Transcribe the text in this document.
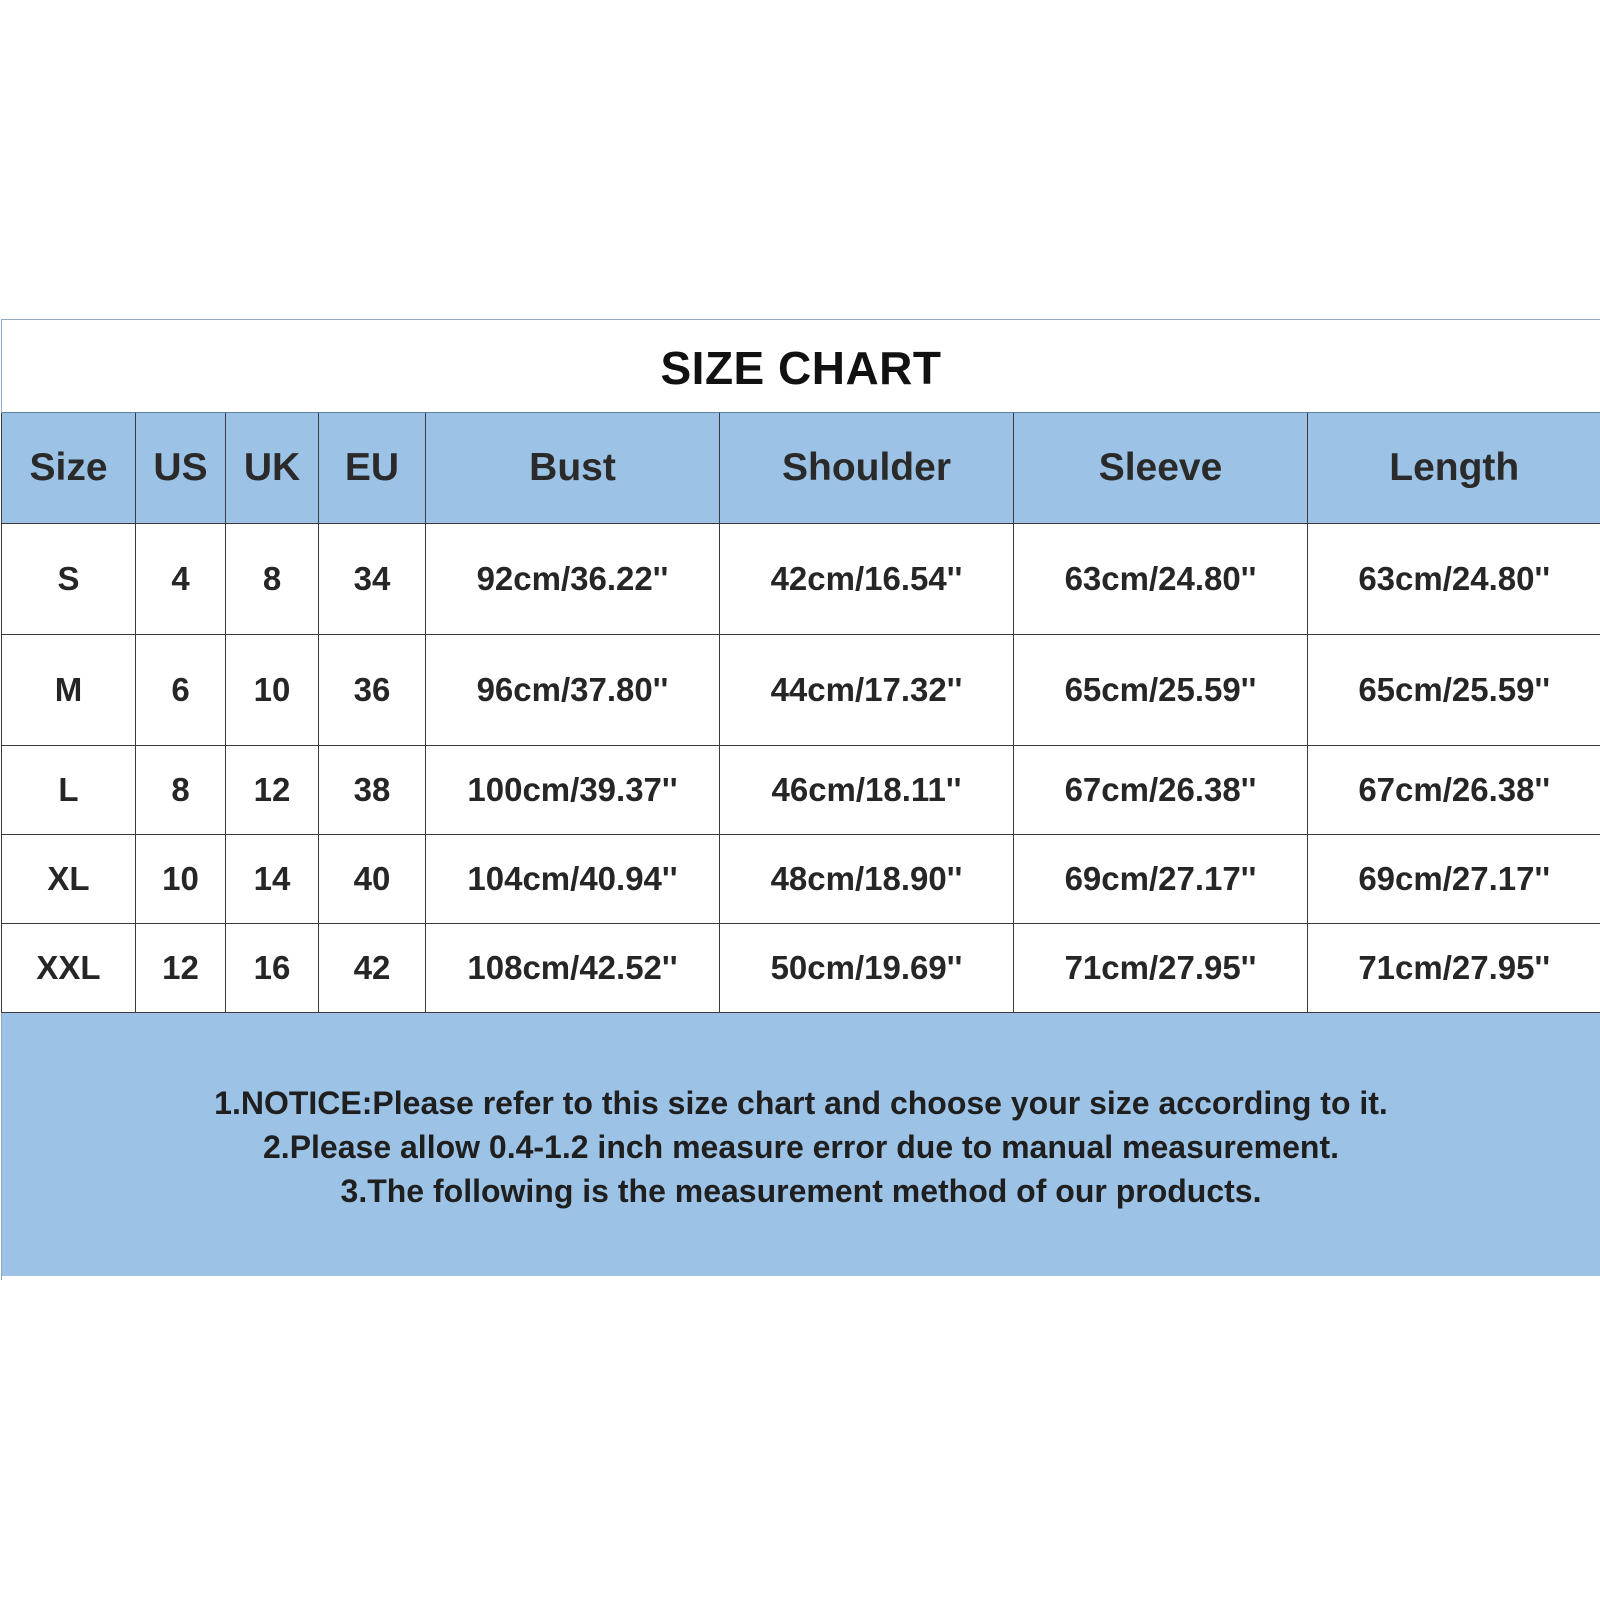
SIZE CHART
Size	US	UK	EU	Bust	Shoulder	Sleeve	Length
S	4	8	34	92cm/36.22''	42cm/16.54''	63cm/24.80''	63cm/24.80''
M	6	10	36	96cm/37.80''	44cm/17.32''	65cm/25.59''	65cm/25.59''
L	8	12	38	100cm/39.37''	46cm/18.11''	67cm/26.38''	67cm/26.38''
XL	10	14	40	104cm/40.94''	48cm/18.90''	69cm/27.17''	69cm/27.17''
XXL	12	16	42	108cm/42.52''	50cm/19.69''	71cm/27.95''	71cm/27.95''
1.NOTICE:Please refer to this size chart and choose your size according to it.
2.Please allow 0.4-1.2 inch measure error due to manual measurement.
3.The following is the measurement method of our products.
